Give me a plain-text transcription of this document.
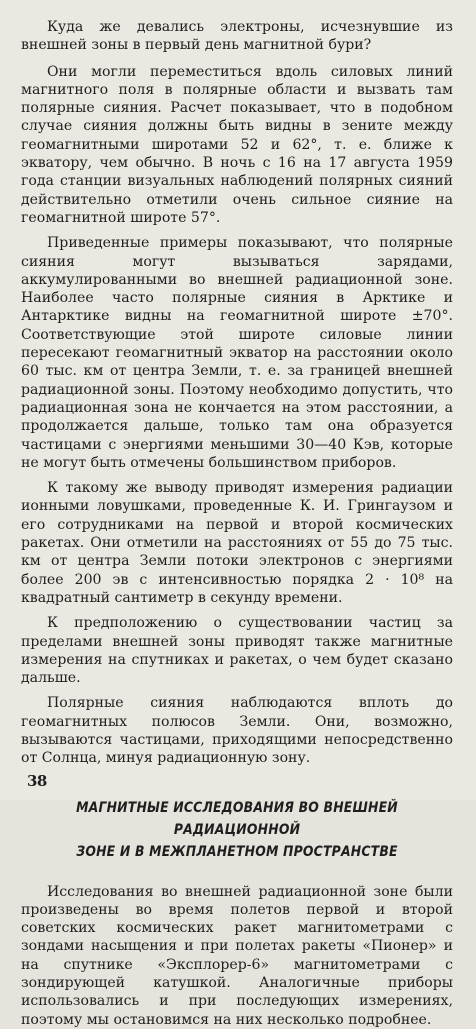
Куда же девались электроны, исчезнувшие из внешней зоны в первый день магнитной бури?

Они могли переместиться вдоль силовых линий магнитного поля в полярные области и вызвать там полярные сияния. Расчет показывает, что в подобном случае сияния должны быть видны в зените между геомагнитными широтами 52 и 62°, т. е. ближе к экватору, чем обычно. В ночь с 16 на 17 августа 1959 года станции визуальных наблюдений полярных сияний действительно отметили очень сильное сияние на геомагнитной широте 57°.

Приведенные примеры показывают, что полярные сияния могут вызываться зарядами, аккумулированными во внешней радиационной зоне. Наиболее часто полярные сияния в Арктике и Антарктике видны на геомагнитной широте ±70°. Соответствующие этой широте силовые линии пересекают геомагнитный экватор на расстоянии около 60 тыс. км от центра Земли, т. е. за границей внешней радиационной зоны. Поэтому необходимо допустить, что радиационная зона не кончается на этом расстоянии, а продолжается дальше, только там она образуется частицами с энергиями меньшими 30—40 Кэв, которые не могут быть отмечены большинством приборов.

К такому же выводу приводят измерения радиации ионными ловушками, проведенные К. И. Грингаузом и его сотрудниками на первой и второй космических ракетах. Они отметили на расстояниях от 55 до 75 тыс. км от центра Земли потоки электронов с энергиями более 200 эв с интенсивностью порядка 2 · 10⁸ на квадратный сантиметр в секунду времени.

К предположению о существовании частиц за пределами внешней зоны приводят также магнитные измерения на спутниках и ракетах, о чем будет сказано дальше.

Полярные сияния наблюдаются вплоть до геомагнитных полюсов Земли. Они, возможно, вызываются частицами, приходящими непосредственно от Солнца, минуя радиационную зону.

МАГНИТНЫЕ ИССЛЕДОВАНИЯ ВО ВНЕШНЕЙ РАДИАЦИОННОЙ
ЗОНЕ И В МЕЖПЛАНЕТНОМ ПРОСТРАНСТВЕ

Исследования во внешней радиационной зоне были произведены во время полетов первой и второй советских космических ракет магнитометрами с зондами насыщения и при полетах ракеты «Пионер» и на спутнике «Эксплорер-6» магнитометрами с зондирующей катушкой. Аналогичные приборы использовались и при последующих измерениях, поэтому мы остановимся на них несколько подробнее.

38
